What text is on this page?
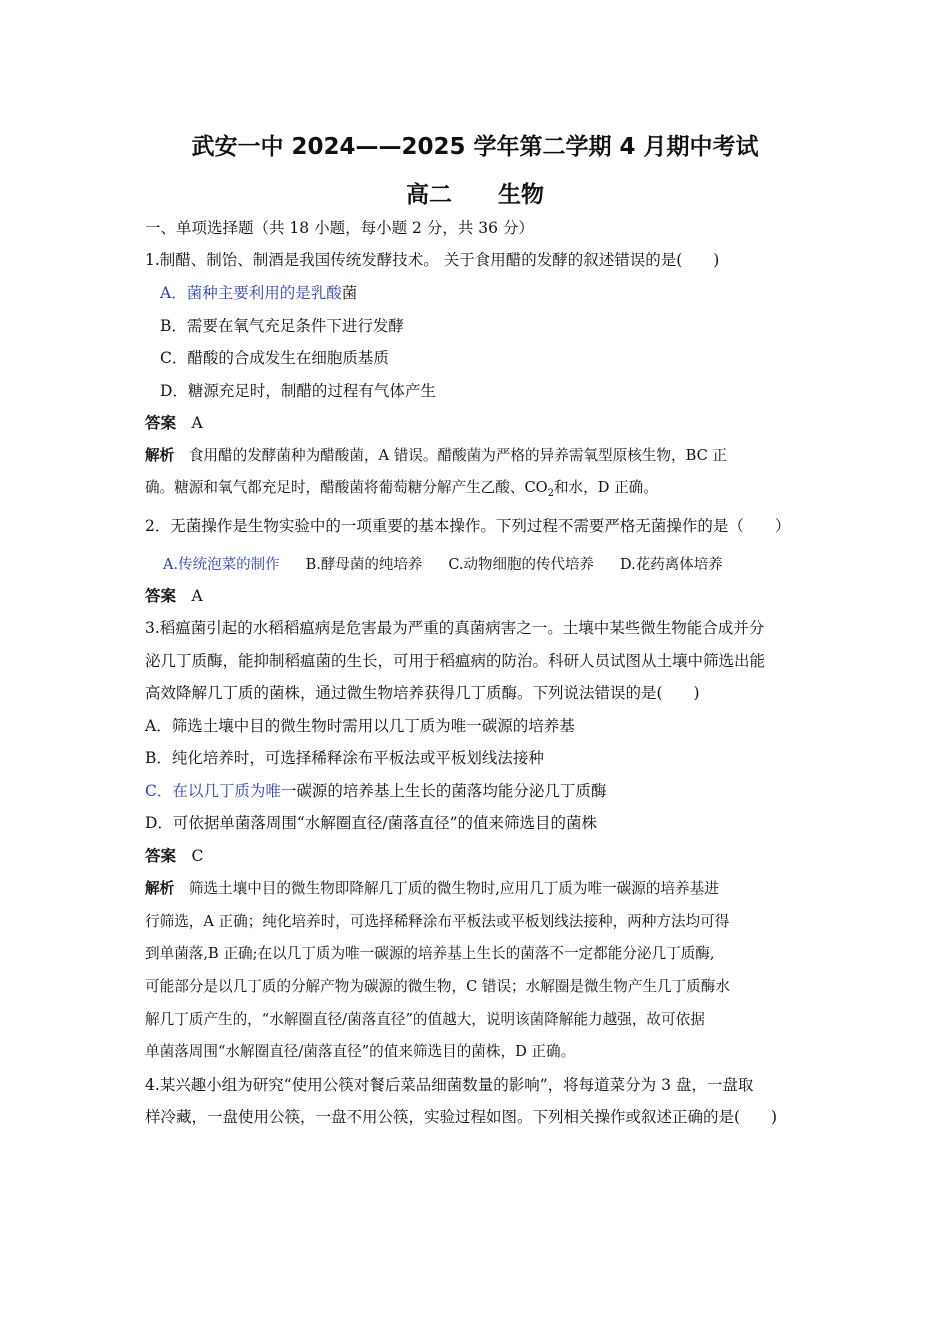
武安一中 2024——2025 学年第二学期 4 月期中考试
高二　　生物
一、单项选择题（共 18 小题，每小题 2 分，共 36 分）
1.制醋、制饴、制酒是我国传统发酵技术。 关于食用醋的发酵的叙述错误的是(　　)
A．菌种主要利用的是乳酸菌
B．需要在氧气充足条件下进行发酵
C．醋酸的合成发生在细胞质基质
D．糖源充足时，制醋的过程有气体产生
答案　 A
解析　 食用醋的发酵菌种为醋酸菌，A 错误。醋酸菌为严格的异养需氧型原核生物，BC 正
确。糖源和氧气都充足时，醋酸菌将葡萄糖分解产生乙酸、$CO_2$和水，D 正确。
2．无菌操作是生物实验中的一项重要的基本操作。下列过程不需要严格无菌操作的是（　　）
A.传统泡菜的制作 B.酵母菌的纯培养 C.动物细胞的传代培养 D.花药离体培养
答案　 A
3.稻瘟菌引起的水稻稻瘟病是危害最为严重的真菌病害之一。土壤中某些微生物能合成并分
泌几丁质酶，能抑制稻瘟菌的生长，可用于稻瘟病的防治。科研人员试图从土壤中筛选出能
高效降解几丁质的菌株，通过微生物培养获得几丁质酶。下列说法错误的是(　　)
A．筛选土壤中目的微生物时需用以几丁质为唯一碳源的培养基
B．纯化培养时，可选择稀释涂布平板法或平板划线法接种
C．在以几丁质为唯一碳源的培养基上生长的菌落均能分泌几丁质酶
D．可依据单菌落周围“水解圈直径/菌落直径”的值来筛选目的菌株
答案　 C
解析　 筛选土壤中目的微生物即降解几丁质的微生物时,应用几丁质为唯一碳源的培养基进
行筛选，A 正确；纯化培养时，可选择稀释涂布平板法或平板划线法接种，两种方法均可得
到单菌落,B 正确;在以几丁质为唯一碳源的培养基上生长的菌落不一定都能分泌几丁质酶,
可能部分是以几丁质的分解产物为碳源的微生物，C 错误；水解圈是微生物产生几丁质酶水
解几丁质产生的，“水解圈直径/菌落直径”的值越大，说明该菌降解能力越强，故可依据
单菌落周围“水解圈直径/菌落直径”的值来筛选目的菌株，D 正确。
4.某兴趣小组为研究“使用公筷对餐后菜品细菌数量的影响”，将每道菜分为 3 盘，一盘取
样冷藏，一盘使用公筷，一盘不用公筷，实验过程如图。下列相关操作或叙述正确的是(　　)
